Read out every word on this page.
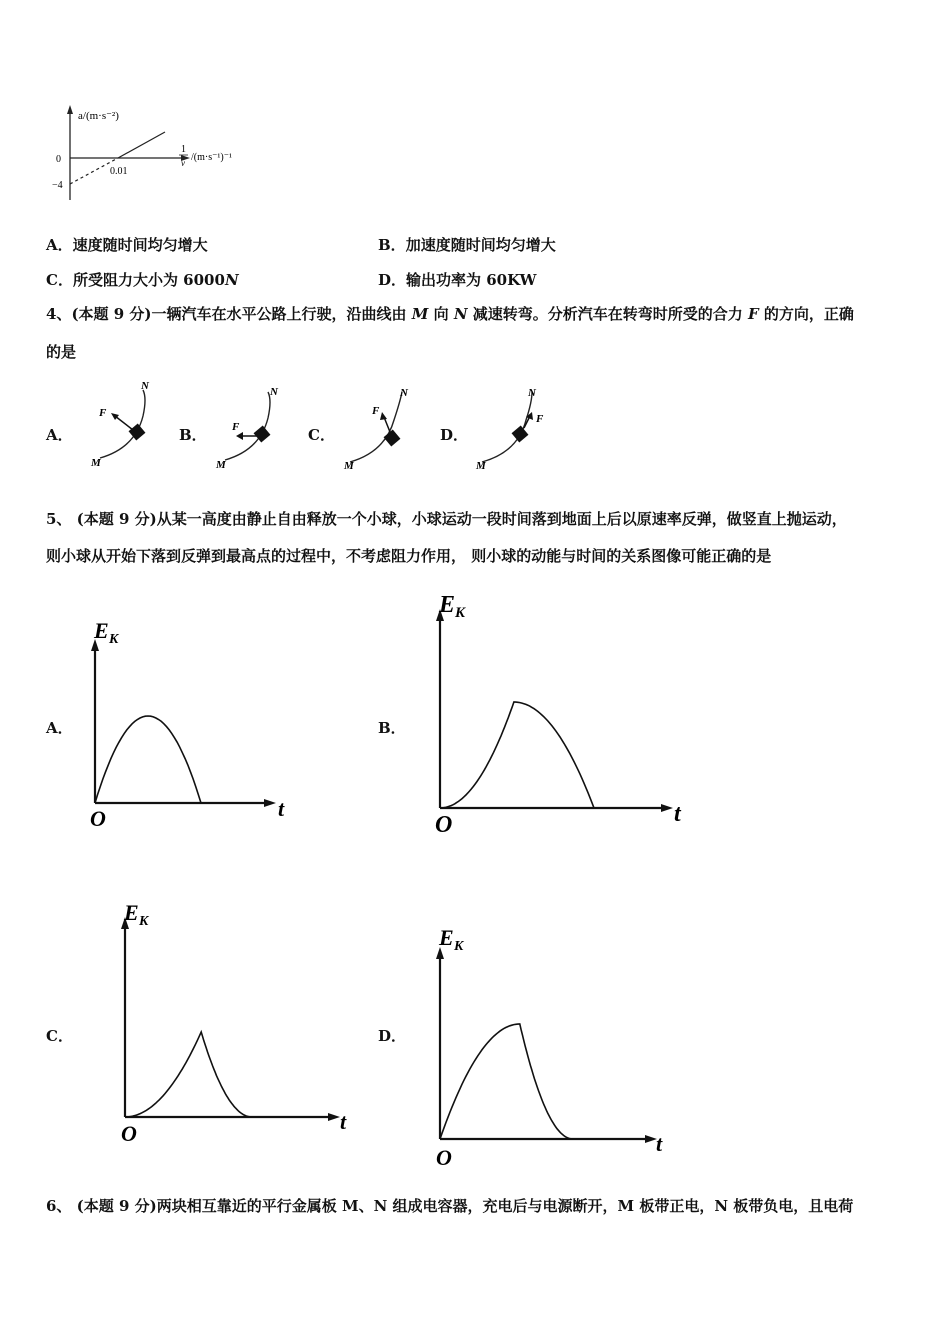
a/(m·s⁻²)
0
−4
0.01
1
v /(m·s⁻¹)⁻¹
A．速度随时间均匀增大	B．加速度随时间均匀增大
C．所受阻力大小为 6000N	D．输出功率为 60KW
4、(本题 9 分)一辆汽车在水平公路上行驶，沿曲线由 M 向 N 减速转弯。分析汽车在转弯时所受的合力 F 的方向，正确
的是
A．	B．	C．	D．
M
N
F
M
N
F
M
N
F
M
N
F
5、 (本题 9 分)从某一高度由静止自由释放一个小球，小球运动一段时间落到地面上后以原速率反弹，做竖直上抛运动，
则小球从开始下落到反弹到最高点的过程中，不考虑阻力作用， 则小球的动能与时间的关系图像可能正确的是
A．	B．
C．	D．
E K
t
O
E K
t
O
E K
t
O
E K
t
O
6、 (本题 9 分)两块相互靠近的平行金属板 M、N 组成电容器，充电后与电源断开，M 板带正电，N 板带负电，且电荷
